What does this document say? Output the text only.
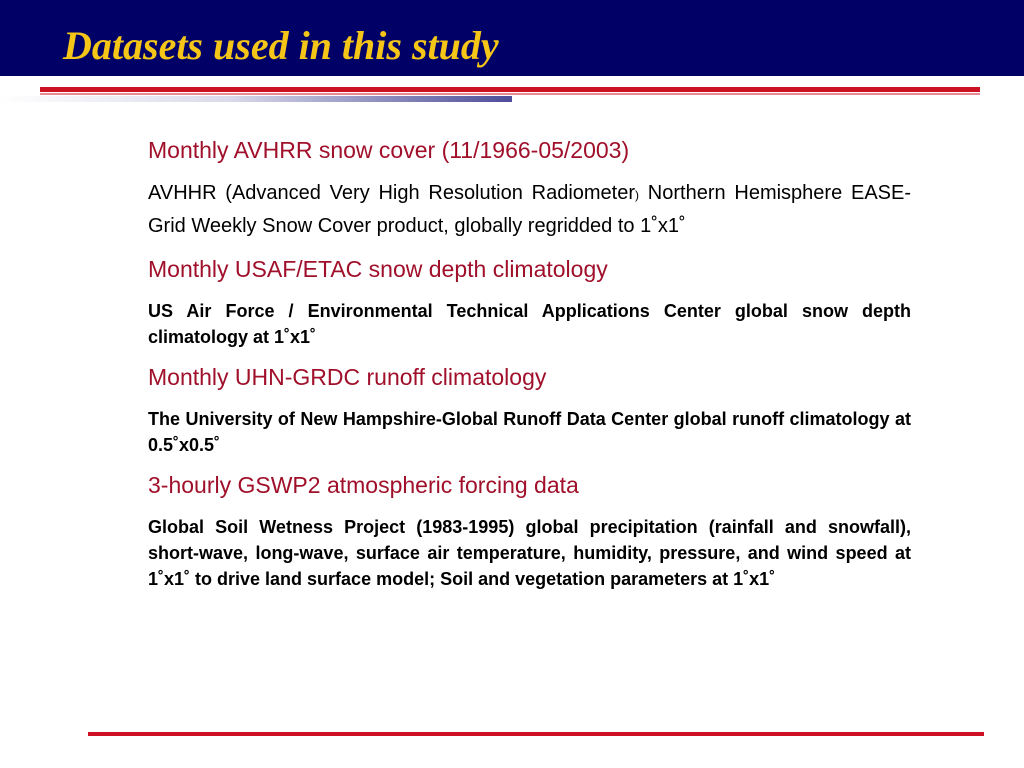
Datasets used in this study
Monthly AVHRR snow cover (11/1966-05/2003)

AVHHR (Advanced Very High Resolution Radiometer) Northern Hemisphere EASE-Grid Weekly Snow Cover product, globally regridded to 1˚x1˚

Monthly USAF/ETAC snow depth climatology

US Air Force / Environmental Technical Applications Center global snow depth climatology at 1˚x1˚

Monthly UHN-GRDC runoff climatology

The University of New Hampshire-Global Runoff Data Center global runoff climatology at 0.5˚x0.5˚

3-hourly GSWP2 atmospheric forcing data

Global Soil Wetness Project (1983-1995) global precipitation (rainfall and snowfall), short-wave, long-wave, surface air temperature, humidity, pressure, and wind speed at 1˚x1˚ to drive land surface model; Soil and vegetation parameters at 1˚x1˚
